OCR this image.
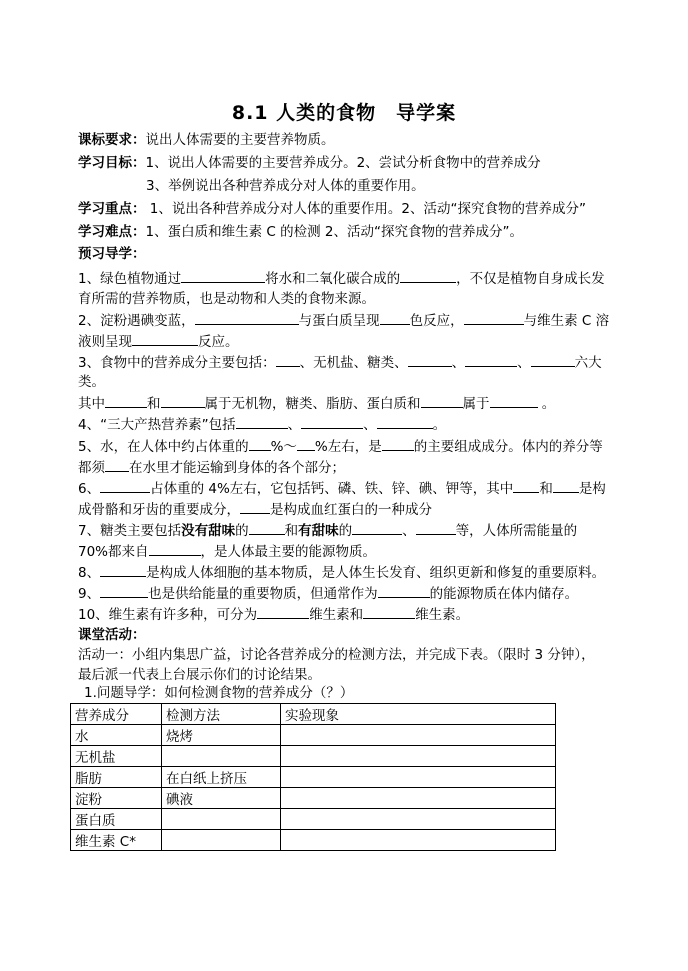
8.1 人类的食物　导学案
课标要求：说出人体需要的主要营养物质。
学习目标：1、说出人体需要的主要营养成分。2、尝试分析食物中的营养成分
3、举例说出各种营养成分对人体的重要作用。
学习重点： 1、说出各种营养成分对人体的重要作用。2、活动“探究食物的营养成分”
学习难点：1、蛋白质和维生素 C 的检测 2、活动“探究食物的营养成分”。
预习导学：
1、绿色植物通过	将水和二氧化碳合成的	，不仅是植物自身成长发
育所需的营养物质，也是动物和人类的食物来源。
2、淀粉遇碘变蓝，	与蛋白质呈现 色反应，	与维生素 C 溶
液则呈现	反应。
3、食物中的营养成分主要包括： 、无机盐、糖类、	、	、	六大
类。
其中	和	属于无机物，糖类、脂肪、蛋白质和	属于	。
4、“三大产热营养素”包括	、	、	。
5、水，在人体中约占体重的 %～ %左右，是 的主要组成成分。体内的养分等
都须 在水里才能运输到身体的各个部分；
6、	占体重的 4%左右，它包括钙、磷、铁、锌、碘、钾等，其中 和 是构
成骨骼和牙齿的重要成分， 是构成血红蛋白的一种成分
7、糖类主要包括没有甜味的	和有甜味的	、	等，人体所需能量的
70%都来自	，是人体最主要的能源物质。
8、	是构成人体细胞的基本物质，是人体生长发育、组织更新和修复的重要原料。
9、	也是供给能量的重要物质，但通常作为	的能源物质在体内储存。
10、维生素有许多种，可分为	维生素和	维生素。
课堂活动：
活动一：小组内集思广益，讨论各营养成分的检测方法，并完成下表。（限时 3 分钟），
最后派一代表上台展示你们的讨论结果。
1.问题导学：如何检测食物的营养成分（？）
营养成分	检测方法	实验现象
水	烧烤	
无机盐		
脂肪	在白纸上挤压	
淀粉	碘液	
蛋白质		
维生素 C*		
